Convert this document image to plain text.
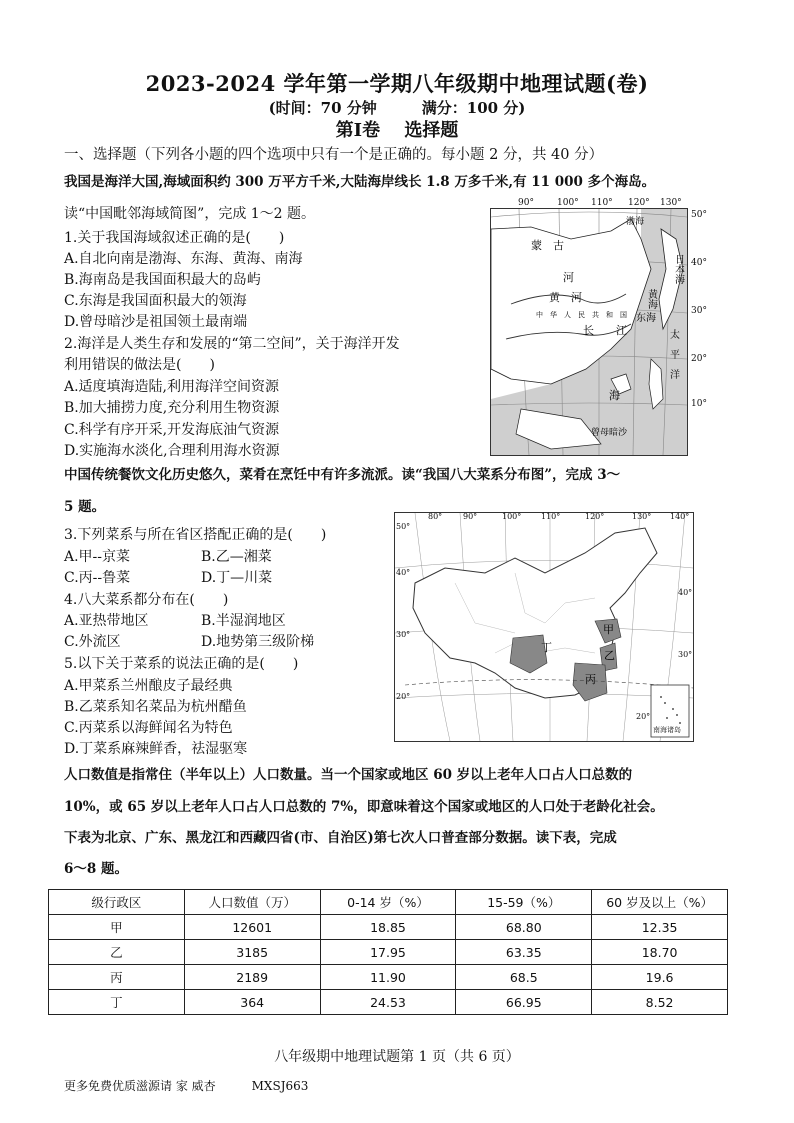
2023-2024 学年第一学期八年级期中地理试题(卷)
(时间：70 分钟　　　满分：100 分)
第Ⅰ卷　 选择题
一、选择题（下列各小题的四个选项中只有一个是正确的。每小题 2 分，共 40 分）
我国是海洋大国,海域面积约 300 万平方千米,大陆海岸线长 1.8 万多千米,有 11 000 多个海岛。
读“中国毗邻海域简图”，完成 1～2 题。
1.关于我国海域叙述正确的是(　　)
A.自北向南是渤海、东海、黄海、南海
B.海南岛是我国面积最大的岛屿
C.东海是我国面积最大的领海
D.曾母暗沙是祖国领土最南端
2.海洋是人类生存和发展的“第二空间”，关于海洋开发
利用错误的做法是(　　)
A.适度填海造陆,利用海洋空间资源
B.加大捕捞力度,充分利用生物资源
C.科学有序开采,开发海底油气资源
D.实施海水淡化,合理利用海水资源
蒙　古
渤海
河
黄　河
中　华　人　民　共　和　国
长　　江
日本海
黄海
东海
太　平　洋
海
曾母暗沙
90°	100° 110° 120° 130°
50°
40°
30°
20°
10°
中国传统餐饮文化历史悠久，菜肴在烹饪中有许多流派。读“我国八大菜系分布图”，完成 3～
5 题。
3.下列菜系与所在省区搭配正确的是(　　)
A.甲--京菜	B.乙—湘菜
C.丙--鲁菜	D.丁—川菜
4.八大菜系都分布在(　　)
A.亚热带地区	B.半湿润地区
C.外流区	D.地势第三级阶梯
5.以下关于菜系的说法正确的是(　　)
A.甲菜系兰州酿皮子最经典
B.乙菜系知名菜品为杭州醋鱼
C.丙菜系以海鲜闻名为特色
D.丁菜系麻辣鲜香，祛湿驱寒
丁
甲
乙
丙
南海诸岛
80°	90°	100° 110°	120°	130° 140°
50°
40°
30°
20°
40°
30°
20°
人口数值是指常住（半年以上）人口数量。当一个国家或地区 60 岁以上老年人口占人口总数的
10%，或 65 岁以上老年人口占人口总数的 7%，即意味着这个国家或地区的人口处于老龄化社会。
下表为北京、广东、黑龙江和西藏四省(市、自治区)第七次人口普查部分数据。读下表，完成
6～8 题。
级行政区	人口数值（万）	0-14 岁（%）	15-59（%）	60 岁及以上（%）
甲	12601	18.85	68.80	12.35
乙	3185	17.95	63.35	18.70
丙	2189	11.90	68.5	19.6
丁	364	24.53	66.95	8.52
八年级期中地理试题第 1 页（共 6 页）
更多免费优质滋源请 家 威杏	MXSJ663
